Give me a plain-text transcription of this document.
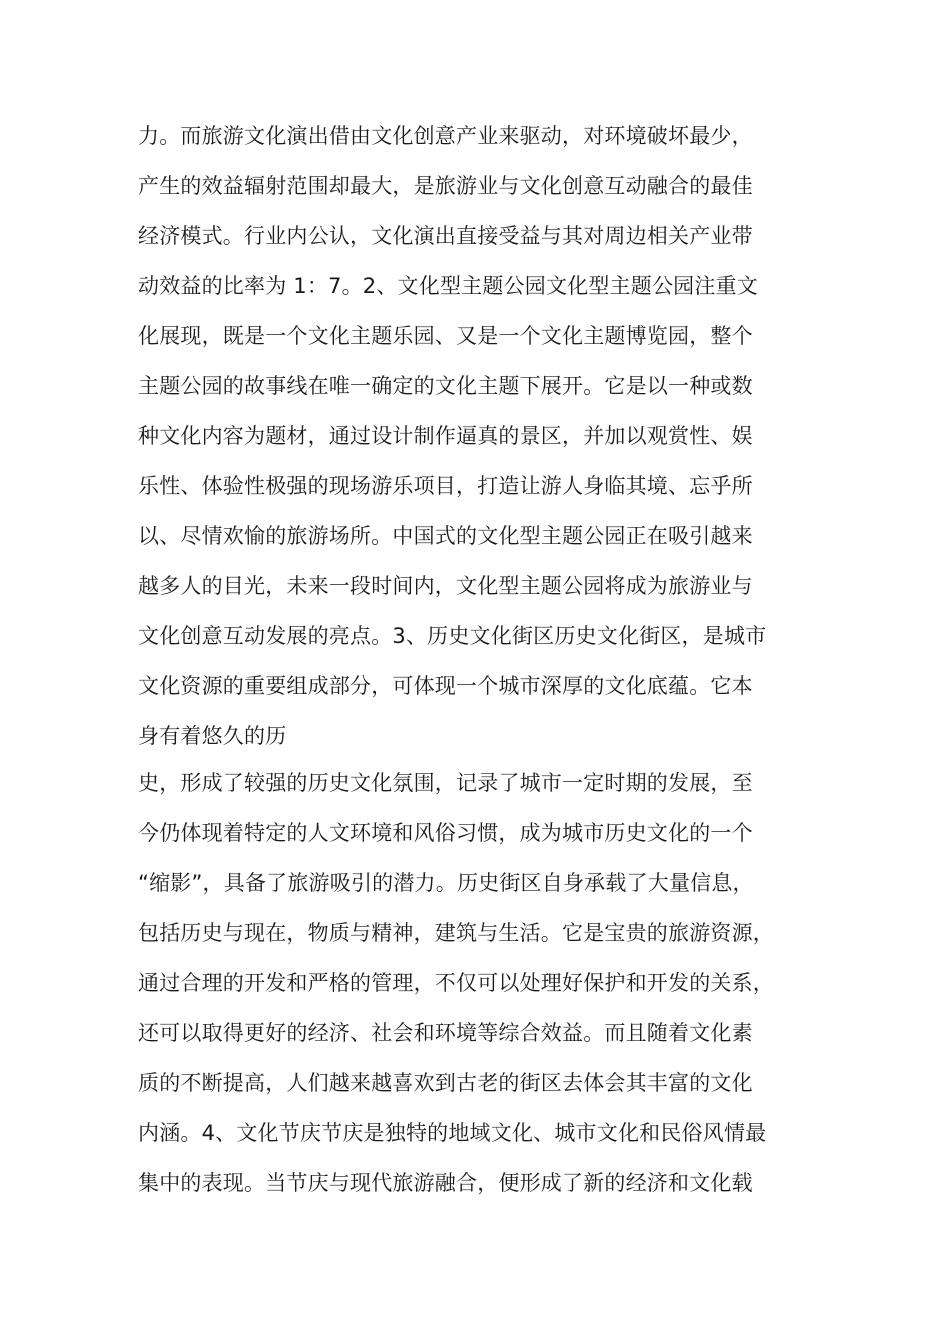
力。而旅游文化演出借由文化创意产业来驱动，对环境破坏最少，
产生的效益辐射范围却最大，是旅游业与文化创意互动融合的最佳
经济模式。行业内公认，文化演出直接受益与其对周边相关产业带
动效益的比率为 1：7。2、文化型主题公园文化型主题公园注重文
化展现，既是一个文化主题乐园、又是一个文化主题博览园，整个
主题公园的故事线在唯一确定的文化主题下展开。它是以一种或数
种文化内容为题材，通过设计制作逼真的景区，并加以观赏性、娱
乐性、体验性极强的现场游乐项目，打造让游人身临其境、忘乎所
以、尽情欢愉的旅游场所。中国式的文化型主题公园正在吸引越来
越多人的目光，未来一段时间内，文化型主题公园将成为旅游业与
文化创意互动发展的亮点。3、历史文化街区历史文化街区，是城市
文化资源的重要组成部分，可体现一个城市深厚的文化底蕴。它本
身有着悠久的历
史，形成了较强的历史文化氛围，记录了城市一定时期的发展，至
今仍体现着特定的人文环境和风俗习惯，成为城市历史文化的一个
“缩影”，具备了旅游吸引的潜力。历史街区自身承载了大量信息，
包括历史与现在，物质与精神，建筑与生活。它是宝贵的旅游资源，
通过合理的开发和严格的管理，不仅可以处理好保护和开发的关系，
还可以取得更好的经济、社会和环境等综合效益。而且随着文化素
质的不断提高，人们越来越喜欢到古老的街区去体会其丰富的文化
内涵。4、文化节庆节庆是独特的地域文化、城市文化和民俗风情最
集中的表现。当节庆与现代旅游融合，便形成了新的经济和文化载
